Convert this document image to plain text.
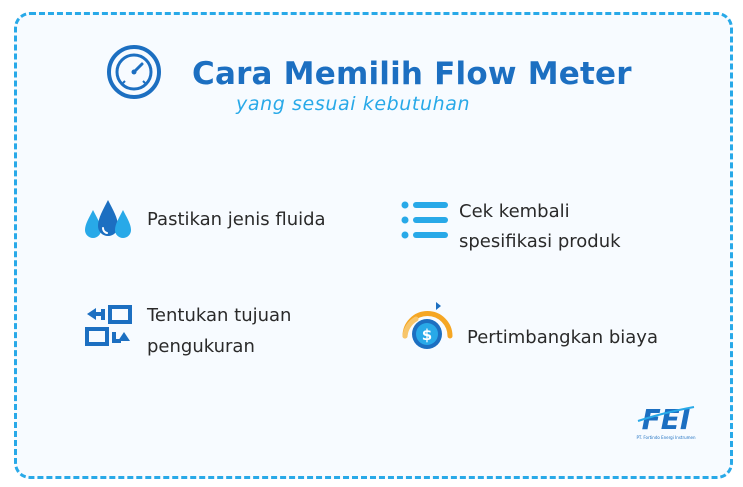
Cara Memilih Flow Meter
yang sesuai kebutuhan
Pastikan jenis fluida	Cek kembali
spesifikasi produk
Tentukan tujuan
pengukuran
$ Pertimbangkan biaya
FEI
PT. Fortindo Energi Instrumen
